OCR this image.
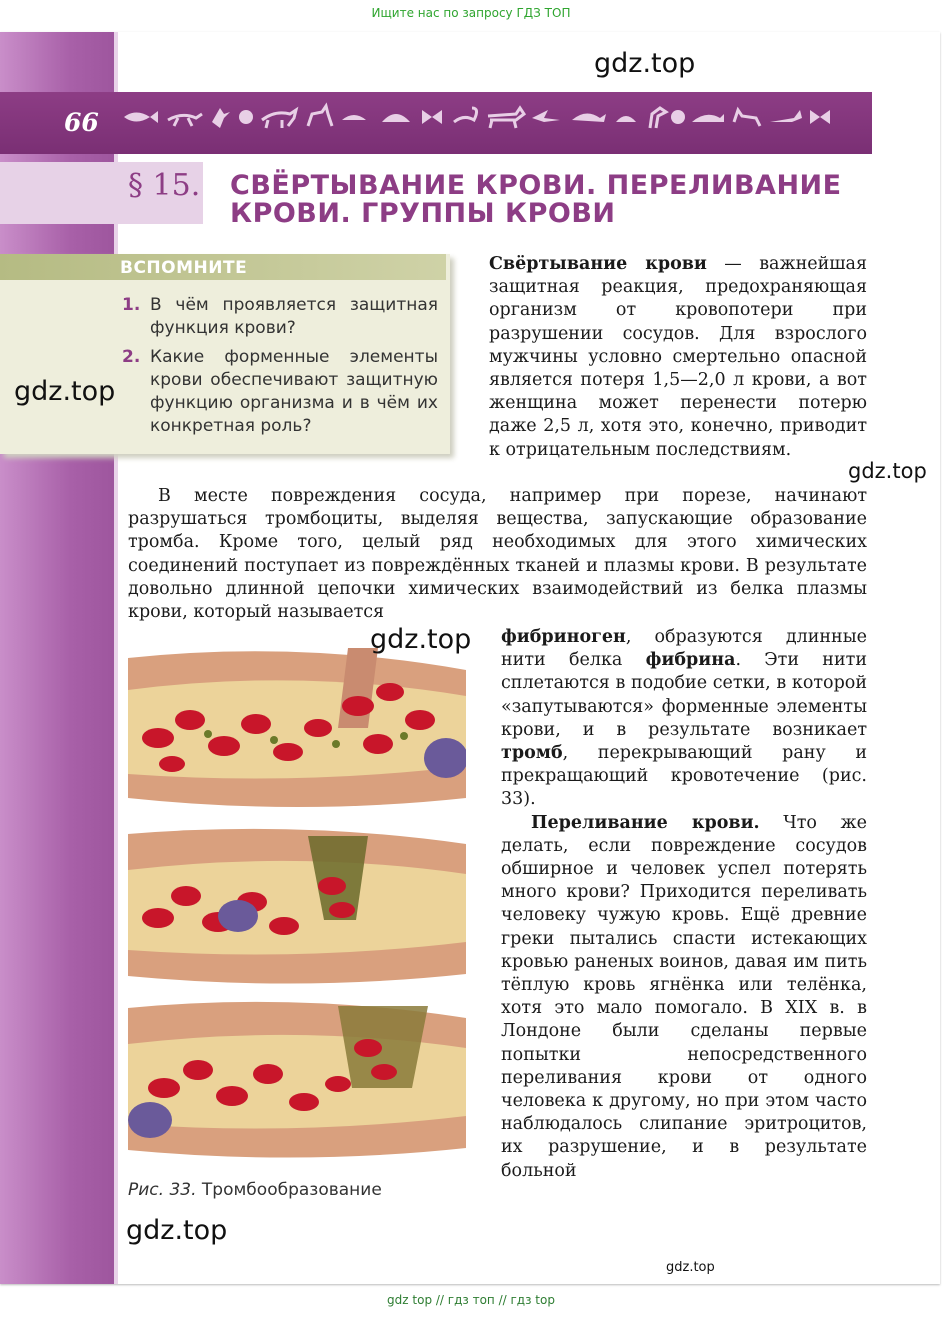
Ищите нас по запросу ГДЗ ТОП
66
§ 15. СВЁРТЫВАНИЕ КРОВИ. ПЕРЕЛИВАНИЕ КРОВИ. ГРУППЫ КРОВИ
ВСПОМНИТЕ
1. В чём проявляется защитная функция крови?
2. Какие форменные элементы крови обеспечивают защитную функцию организма и в чём их конкретная роль?

Свёртывание крови — важнейшая защитная реакция, предохраняющая организм от кровопотери при разрушении сосудов. Для взрослого мужчины условно смертельно опасной является потеря 1,5—2,0 л крови, а вот женщина может перенести потерю даже 2,5 л, хотя это, конечно, приводит к отрицательным последствиям.

В месте повреждения сосуда, например при порезе, начинают разрушаться тромбоциты, выделяя вещества, запускающие образование тромба. Кроме того, целый ряд необходимых для этого химических соединений поступает из повреждённых тканей и плазмы крови. В результате довольно длинной цепочки химических взаимодействий из белка плазмы крови, который называется

фибриноген, образуются длинные нити белка фибрина. Эти нити сплетаются в подобие сетки, в которой «запутываются» форменные элементы крови, и в результате возникает тромб, перекрывающий рану и прекращающий кровотечение (рис. 33).

Переливание крови. Что же делать, если повреждение сосудов обширное и человек успел потерять много крови? Приходится переливать человеку чужую кровь. Ещё древние греки пытались спасти истекающих кровью раненых воинов, давая им пить тёплую кровь ягнёнка или телёнка, хотя это мало помогало. В XIX в. в Лондоне были сделаны первые попытки непосредственного переливания крови от одного человека к другому, но при этом часто наблюдалось слипание эритроцитов, их разрушение, и в результате больной

Рис. 33. Тромбообразование
gdz.top
gdz.top
gdz.top
gdz.top
gdz.top
gdz.top
gdz top // гдз топ // гдз top
